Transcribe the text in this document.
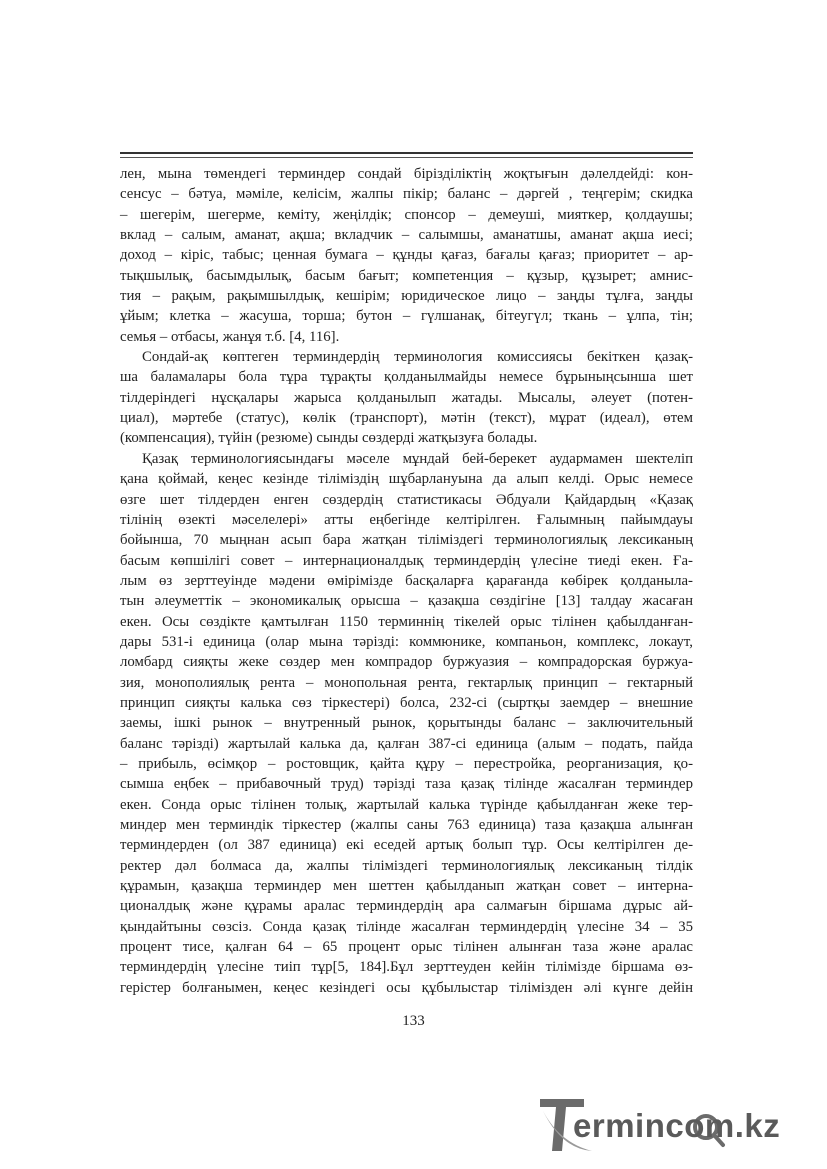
лен, мына төмендегі терминдер сондай бірізділіктің жоқтығын дəлелдейді: кон-
сенсус – бəтуа, мəміле, келісім, жалпы пікір; баланс – дəргей , теңгерім; скидка
– шегерім, шегерме, кеміту, жеңілдік; спонсор – демеуші, мияткер, қолдаушы;
вклад – салым, аманат, ақша; вкладчик – салымшы, аманатшы, аманат ақша иесі;
доход – кіріс, табыс; ценная бумага – құнды қағаз, бағалы қағаз; приоритет – ар-
тықшылық, басымдылық, басым бағыт; компетенция – құзыр, құзырет; амнис-
тия – рақым, рақымшылдық, кешірім; юридическое лицо – заңды тұлға, заңды
ұйым; клетка – жасуша, торша; бутон – гүлшанақ, бітеугүл; ткань – ұлпа, тін;
семья – отбасы, жанұя т.б. [4, 116].
Сондай-ақ көптеген терминдердің терминология комиссиясы бекіткен қазақ-
ша баламалары бола тұра тұрақты қолданылмайды немесе бұрыныңсынша шет
тілдеріндегі нұсқалары жарыса қолданылып жатады. Мысалы, əлеует (потен-
циал), мəртебе (статус), көлік (транспорт), мəтін (текст), мұрат (идеал), өтем
(компенсация), түйін (резюме) сынды сөздерді жатқызуға болады.
Қазақ терминологиясындағы мəселе мұндай бей-берекет аудармамен шектеліп
қана қоймай, кеңес кезінде тіліміздің шұбарлануына да алып келді. Орыс немесе
өзге шет тілдерден енген сөздердің статистикасы Əбдуали Қайдардың «Қазақ
тілінің өзекті мəселелері» атты еңбегінде келтірілген. Ғалымның пайымдауы
бойынша, 70 мыңнан асып бара жатқан тіліміздегі терминологиялық лексиканың
басым көпшілігі совет – интернационалдық терминдердің үлесіне тиеді екен. Ға-
лым өз зерттеуінде мəдени өмірімізде басқаларға қарағанда көбірек қолданыла-
тын əлеуметтік – экономикалық орысша – қазақша сөздігіне [13] талдау жасаған
екен. Осы сөздікте қамтылған 1150 терминнің тікелей орыс тілінен қабылданған-
дары 531-і единица (олар мына тəрізді: коммюнике, компаньон, комплекс, локаут,
ломбард сияқты жеке сөздер мен компрадор буржуазия – компрадорская буржуа-
зия, монополиялық рента – монопольная рента, гектарлық принцип – гектарный
принцип сияқты калька сөз тіркестері) болса, 232-сі (сыртқы заемдер – внешние
заемы, ішкі рынок – внутренный рынок, қорытынды баланс – заключительный
баланс тəрізді) жартылай калька да, қалған 387-сі единица (алым – подать, пайда
– прибыль, өсімқор – ростовщик, қайта құру – перестройка, реорганизация, қо-
сымша еңбек – прибавочный труд) тəрізді таза қазақ тілінде жасалған терминдер
екен. Сонда орыс тілінен толық, жартылай калька түрінде қабылданған жеке тер-
миндер мен терминдік тіркестер (жалпы саны 763 единица) таза қазақша алынған
терминдерден (ол 387 единица) екі еседей артық болып тұр. Осы келтірілген де-
ректер дəл болмаса да, жалпы тіліміздегі терминологиялық лексиканың тілдік
құрамын, қазақша терминдер мен шеттен қабылданып жатқан совет – интерна-
ционалдық жəне құрамы аралас терминдердің ара салмағын біршама дұрыс ай-
қындайтыны сөзсіз. Сонда қазақ тілінде жасалған терминдердің үлесіне 34 – 35
процент тисе, қалған 64 – 65 процент орыс тілінен алынған таза жəне аралас
терминдердің үлесіне тиіп тұр[5, 184].Бұл зерттеуден кейін тілімізде біршама өз-
герістер болғанымен, кеңес кезіндегі осы құбылыстар тілімізден əлі күнге дейін
133
ermincom.kz
